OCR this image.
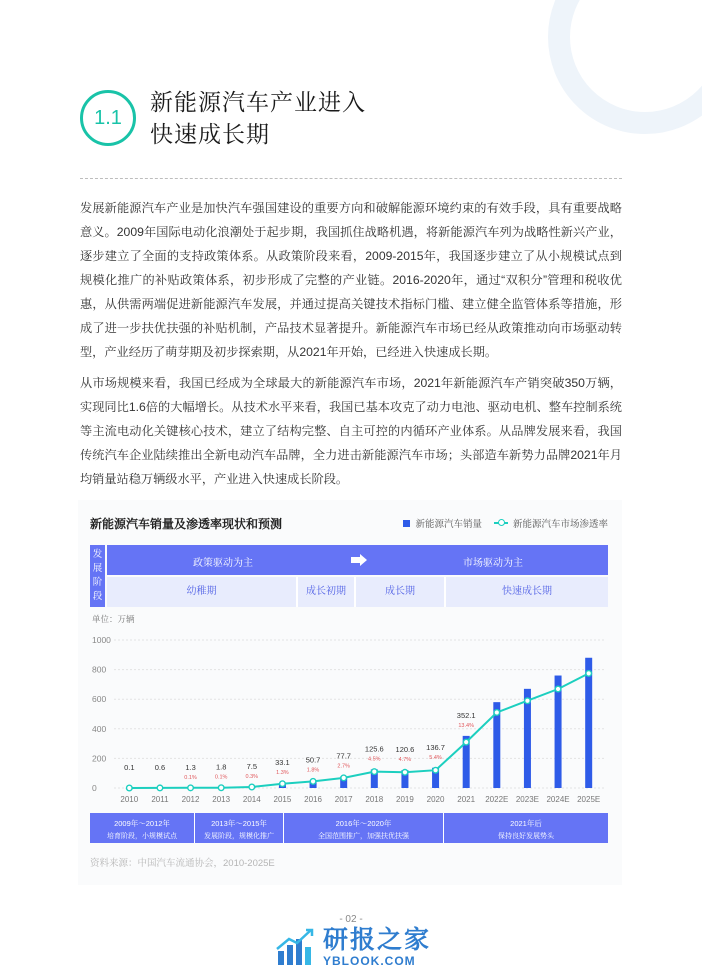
1.1
新能源汽车产业进入
快速成长期

发展新能源汽车产业是加快汽车强国建设的重要方向和破解能源环境约束的有效手段，具有重要战略意义。2009年国际电动化浪潮处于起步期，我国抓住战略机遇，将新能源汽车列为战略性新兴产业，逐步建立了全面的支持政策体系。从政策阶段来看，2009-2015年，我国逐步建立了从小规模试点到规模化推广的补贴政策体系，初步形成了完整的产业链。2016-2020年，通过“双积分”管理和税收优惠，从供需两端促进新能源汽车发展，并通过提高关键技术指标门槛、建立健全监管体系等措施，形成了进一步扶优扶强的补贴机制，产品技术显著提升。新能源汽车市场已经从政策推动向市场驱动转型，产业经历了萌芽期及初步探索期，从2021年开始，已经进入快速成长期。

从市场规模来看，我国已经成为全球最大的新能源汽车市场，2021年新能源汽车产销突破350万辆，实现同比1.6倍的大幅增长。从技术水平来看，我国已基本攻克了动力电池、驱动电机、整车控制系统等主流电动化关键核心技术，建立了结构完整、自主可控的内循环产业体系。从品牌发展来看，我国传统汽车企业陆续推出全新电动汽车品牌，全力进击新能源汽车市场；头部造车新势力品牌2021年月均销量站稳万辆级水平，产业进入快速成长阶段。

新能源汽车销量及渗透率现状和预测	新能源汽车销量	新能源汽车市场渗透率
发展阶段
政策驱动为主	市场驱动为主
幼稚期	成长初期	成长期	快速成长期
单位：万辆
0
200
400
600
800
1000
0.1	0.6	1.3	1.8	7.5 33.1 50.7 77.7
125.6 120.6 136.7
352.1
0.1%	0.1%	0.3%
1.3%	1.8%
2.7%
4.5%	4.7%	5.4%
13.4%
2010 2011 2012 2013 2014 2015 2016 2017 2018 2019 2020 2021 2022E 2023E 2024E 2025E
2009年～2012年
培育阶段，小规模试点
2013年～2015年
发展阶段，规模化推广
2016年～2020年
全国范围推广，加强扶优扶强
2021年后
保持良好发展势头
资料来源：中国汽车流通协会，2010-2025E
- 02 -
研报之家
YBLOOK.COM
